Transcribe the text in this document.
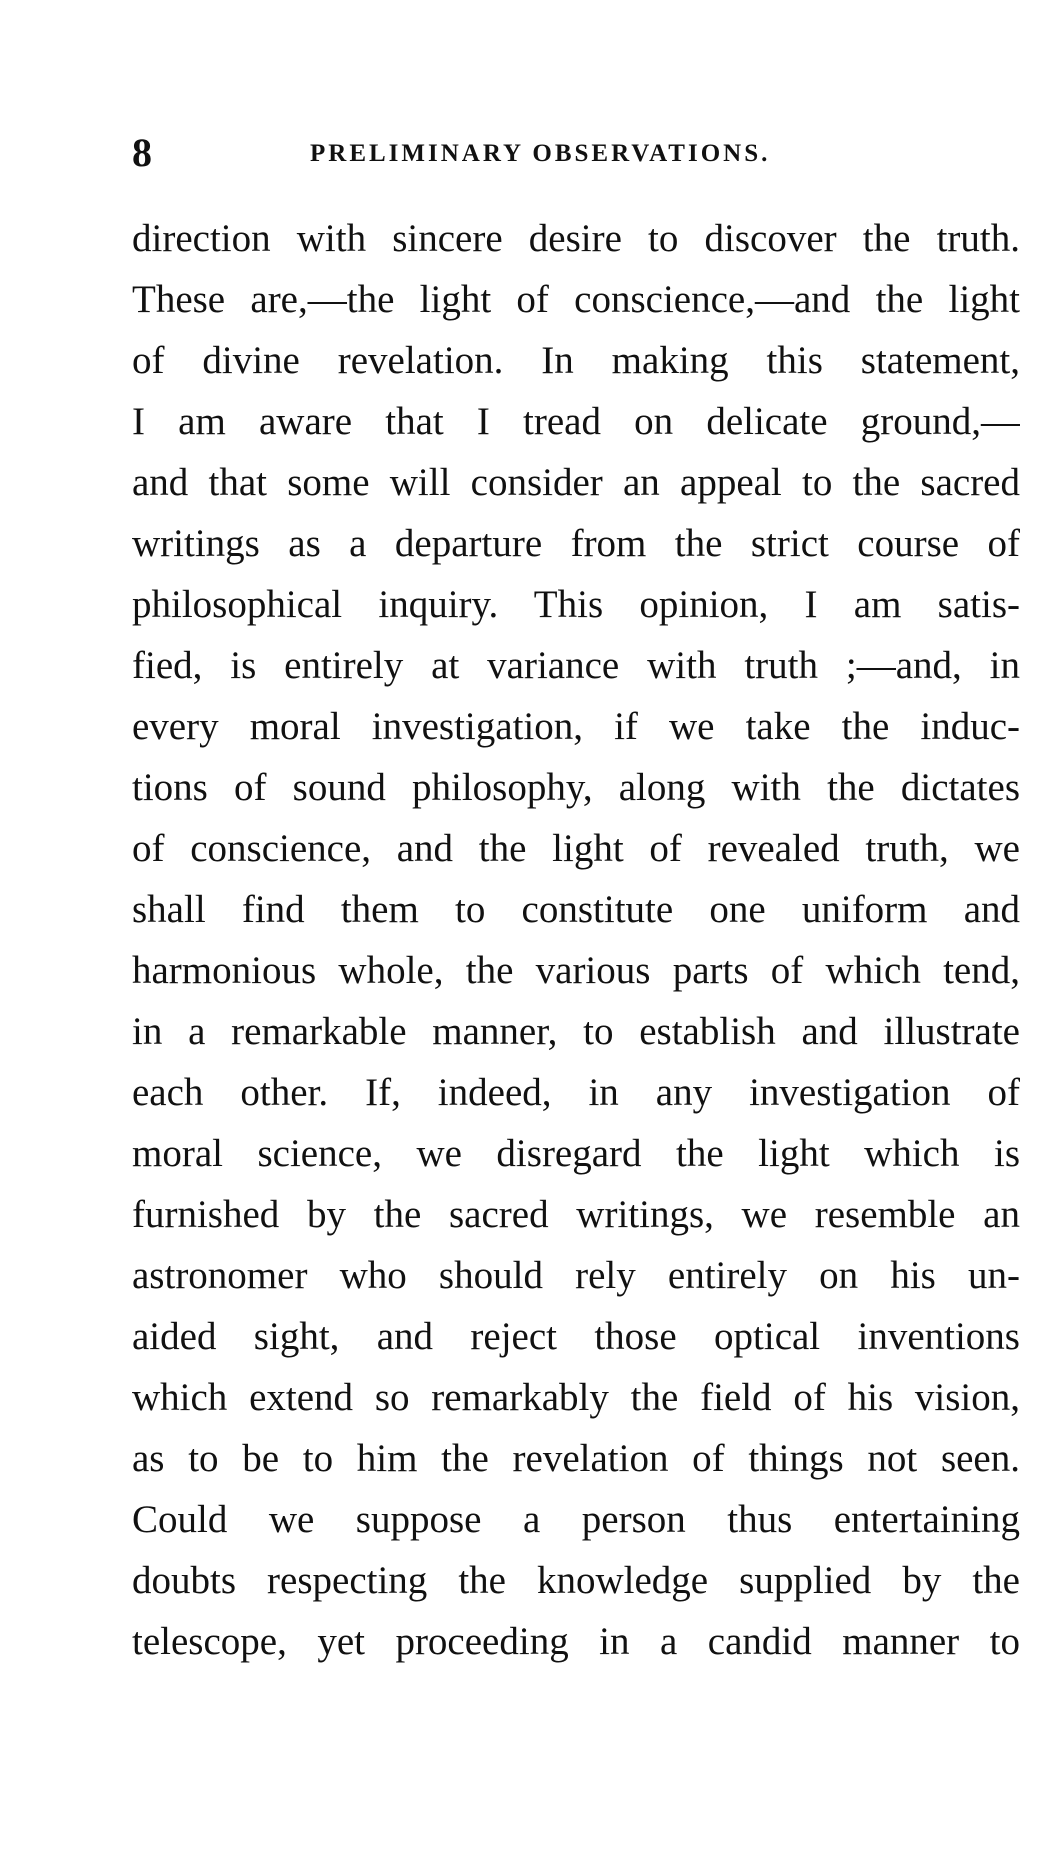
8	PRELIMINARY OBSERVATIONS.
direction with sincere desire to discover the truth.
These are,—the light of conscience,—and the light
of divine revelation. In making this statement,
I am aware that I tread on delicate ground,—
and that some will consider an appeal to the sacred
writings as a departure from the strict course of
philosophical inquiry. This opinion, I am satis-
fied, is entirely at variance with truth ;—and, in
every moral investigation, if we take the induc-
tions of sound philosophy, along with the dictates
of conscience, and the light of revealed truth, we
shall find them to constitute one uniform and
harmonious whole, the various parts of which tend,
in a remarkable manner, to establish and illustrate
each other. If, indeed, in any investigation of
moral science, we disregard the light which is
furnished by the sacred writings, we resemble an
astronomer who should rely entirely on his un-
aided sight, and reject those optical inventions
which extend so remarkably the field of his vision,
as to be to him the revelation of things not seen.
Could we suppose a person thus entertaining
doubts respecting the knowledge supplied by the
telescope, yet proceeding in a candid manner to
